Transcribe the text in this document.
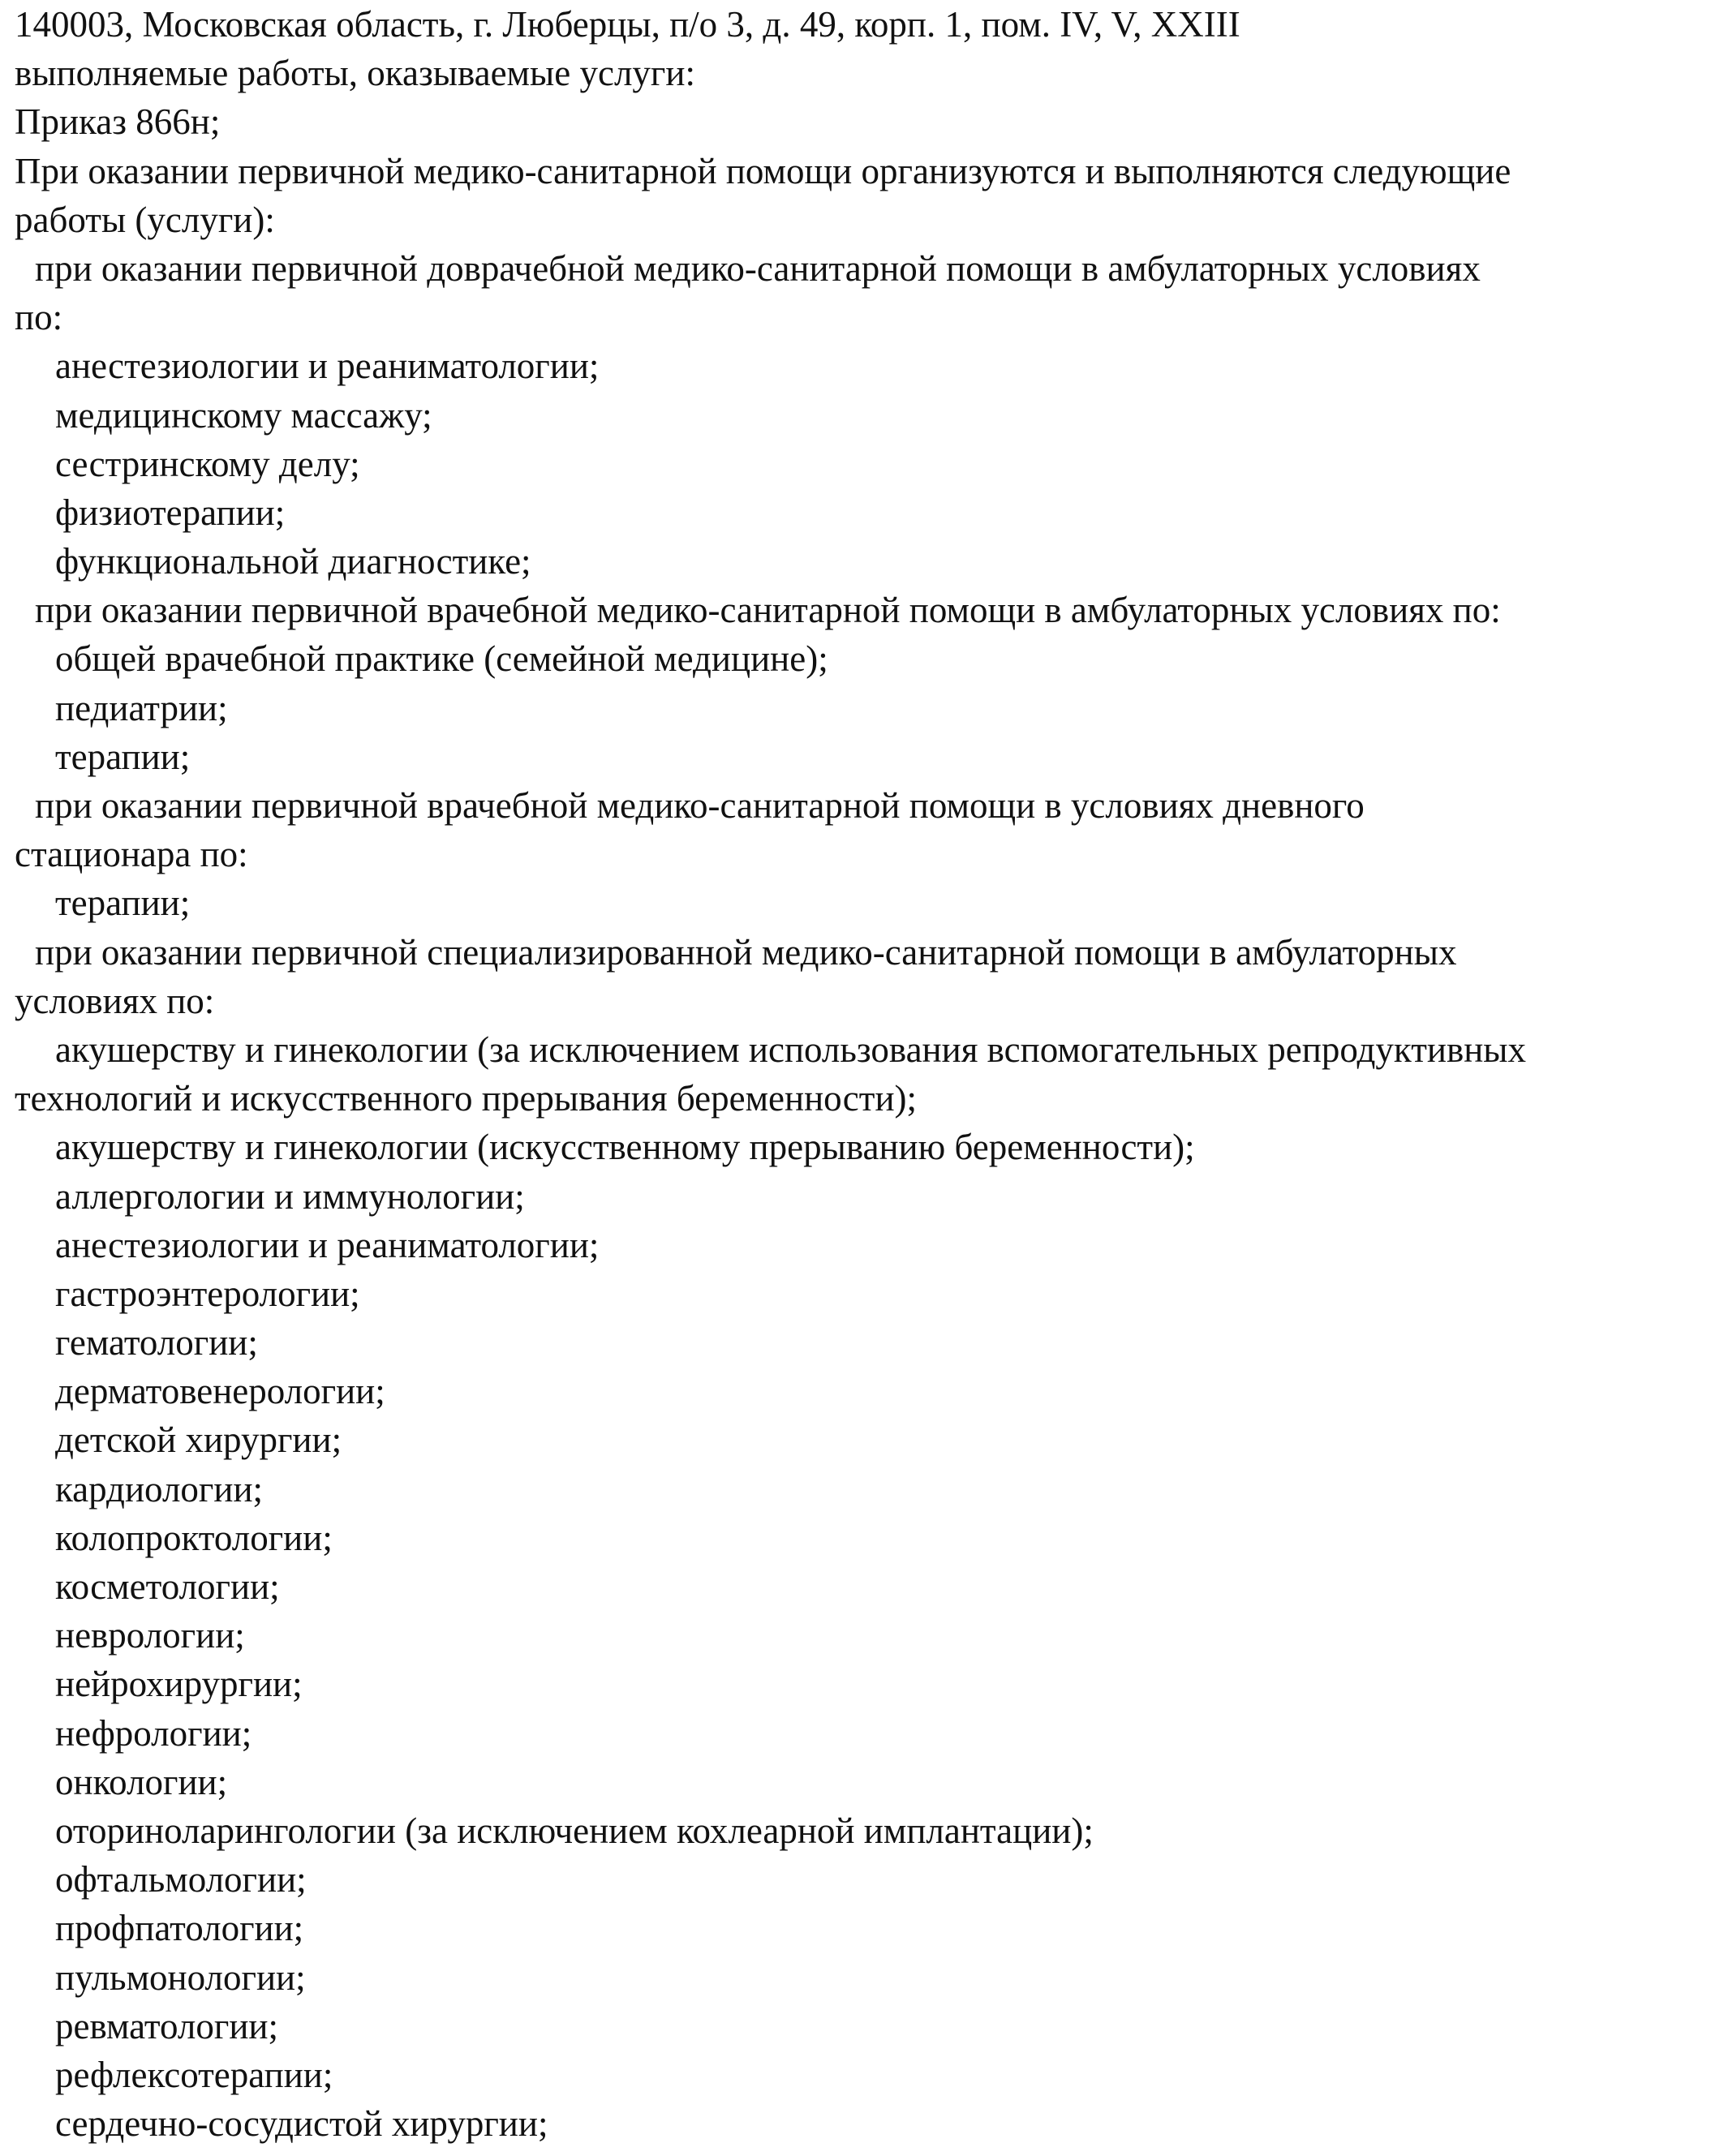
140003, Московская область, г. Люберцы, п/о 3, д. 49, корп. 1, пом. IV, V, XXIII
выполняемые работы, оказываемые услуги:
Приказ 866н;
При оказании первичной медико-санитарной помощи организуются и выполняются следующие
работы (услуги):
при оказании первичной доврачебной медико-санитарной помощи в амбулаторных условиях
по:
анестезиологии и реаниматологии;
медицинскому массажу;
сестринскому делу;
физиотерапии;
функциональной диагностике;
при оказании первичной врачебной медико-санитарной помощи в амбулаторных условиях по:
общей врачебной практике (семейной медицине);
педиатрии;
терапии;
при оказании первичной врачебной медико-санитарной помощи в условиях дневного
стационара по:
терапии;
при оказании первичной специализированной медико-санитарной помощи в амбулаторных
условиях по:
акушерству и гинекологии (за исключением использования вспомогательных репродуктивных
технологий и искусственного прерывания беременности);
акушерству и гинекологии (искусственному прерыванию беременности);
аллергологии и иммунологии;
анестезиологии и реаниматологии;
гастроэнтерологии;
гематологии;
дерматовенерологии;
детской хирургии;
кардиологии;
колопроктологии;
косметологии;
неврологии;
нейрохирургии;
нефрологии;
онкологии;
оториноларингологии (за исключением кохлеарной имплантации);
офтальмологии;
профпатологии;
пульмонологии;
ревматологии;
рефлексотерапии;
сердечно-сосудистой хирургии;
